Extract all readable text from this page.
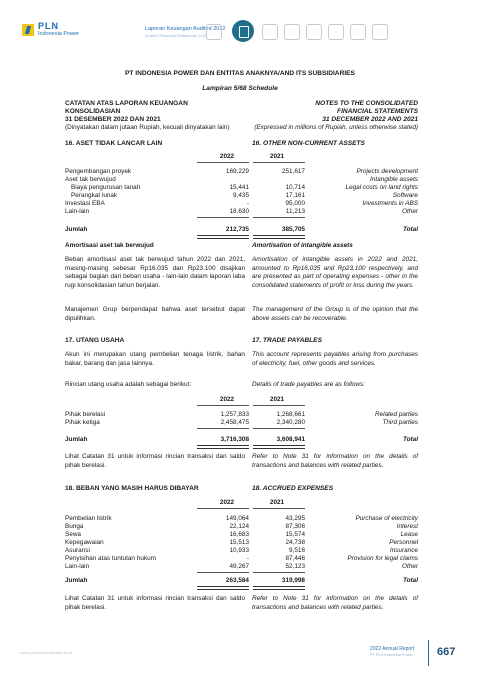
PLN
Indonesia Power
Laporan Keuangan Audited 2022
Audited Financial Statements 2022
PT INDONESIA POWER DAN ENTITAS ANAKNYA/AND ITS SUBSIDIARIES
Lampiran 5/68 Schedule
CATATAN ATAS LAPORAN KEUANGAN
KONSOLIDASIAN
31 DESEMBER 2022 DAN 2021
(Dinyatakan dalam jutaan Rupiah, kecuali dinyatakan lain)
NOTES TO THE CONSOLIDATED
FINANCIAL STATEMENTS
31 DECEMBER 2022 AND 2021
(Expressed in millions of Rupiah, unless otherwise stated)
16. ASET TIDAK LANCAR LAIN	16. OTHER NON-CURRENT ASSETS
2022	2021
Pengembangan proyek	169,229	251,617	Projects development
Aset tak berwujud	Intangible assets
Biaya pengurusan tanah	15,441	10,714	Legal costs on land rights
Perangkat lunak	9,435	17,161	Software
Investasi EBA	-	95,000	Investments in ABS
Lain-lain	18,630	11,213	Other
Jumlah	212,735	385,705	Total
Amortisasi aset tak berwujud	Amortisation of intangible assets
Beban amortisasi aset tak berwujud tahun 2022 dan 2021, masing-masing sebesar Rp16.035 dan Rp23.100 disajikan sebagai bagian dari beban usaha - lain-lain dalam laporan laba rugi konsolidasian tahun berjalan.
Amortisation of intangible assets in 2022 and 2021, amounted to Rp16,035 and Rp23,100 respectively, and are presented as part of operating expenses - other in the consolidated statements of profit or loss during the years.
Manajemen Grup berpendapat bahwa aset tersebut dapat dipulihkan.
The management of the Group is of the opinion that the above assets can be recoverable.
17. UTANG USAHA	17. TRADE PAYABLES
Akun ini merupakan utang pembelian tenaga listrik, bahan bakar, barang dan jasa lainnya.
This account represents payables arising from purchases of electricity, fuel, other goods and services.
Rincian utang usaha adalah sebagai berikut:	Details of trade payables are as follows:
2022	2021
Pihak berelasi	1,257,833	1,268,661	Related parties
Pihak ketiga	2,458,475	2,340,280	Third parties
Jumlah	3,716,308	3,608,941	Total
Lihat Catatan 31 untuk informasi rincian transaksi dan saldo pihak berelasi.
Refer to Note 31 for information on the details of transactions and balances with related parties.
18. BEBAN YANG MASIH HARUS DIBAYAR	18. ACCRUED EXPENSES
2022	2021
Pembelian listrik	149,064	43,295	Purchase of electricity
Bunga	22,124	87,306	Interest
Sewa	16,683	15,574	Lease
Kepegawaian	15,513	24,738	Personnel
Asuransi	10,933	9,516	Insurance
Penyisihan atas tuntutan hukum	-	87,446	Provision for legal claims
Lain-lain	49,267	52,123	Other
Jumlah	263,584	319,998	Total
Lihat Catatan 31 untuk informasi rincian transaksi dan saldo pihak berelasi.
Refer to Note 31 for information on the details of transactions and balances with related parties.
www.plnindonesiapower.co.id
2022 Annual Report
PT PLN Indonesia Power 667
